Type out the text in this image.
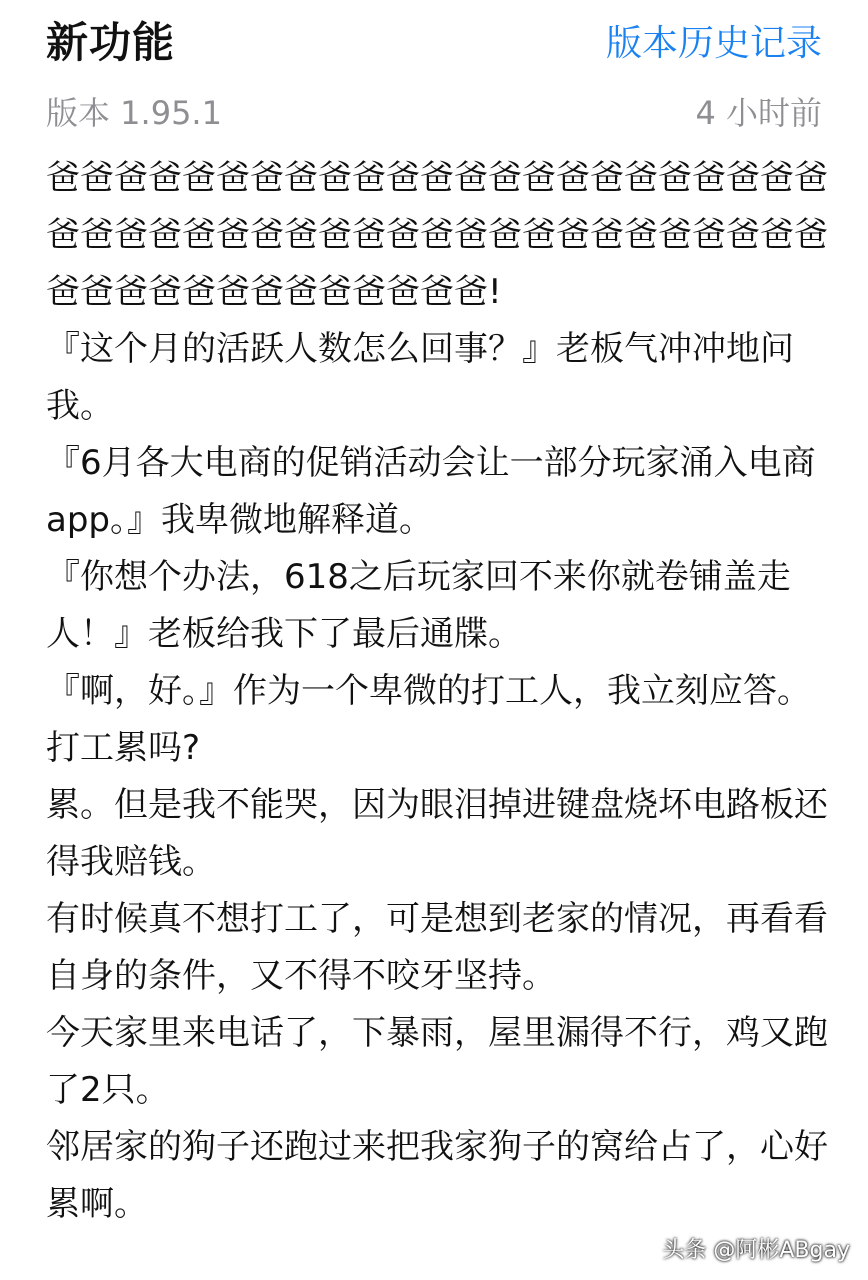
新功能	版本历史记录
版本 1.95.1	4 小时前

爸爸爸爸爸爸爸爸爸爸爸爸爸爸爸爸爸爸爸爸爸爸爸爸爸爸爸爸爸爸爸爸爸爸爸爸爸爸爸爸爸爸爸爸爸爸爸爸爸爸爸爸爸爸爸爸爸爸爸!

『这个月的活跃人数怎么回事？』老板气冲冲地问我。

『6月各大电商的促销活动会让一部分玩家涌入电商app。』我卑微地解释道。

『你想个办法，618之后玩家回不来你就卷铺盖走人！』老板给我下了最后通牒。

『啊，好。』作为一个卑微的打工人，我立刻应答。

打工累吗?

累。但是我不能哭，因为眼泪掉进键盘烧坏电路板还得我赔钱。

有时候真不想打工了，可是想到老家的情况，再看看自身的条件，又不得不咬牙坚持。

今天家里来电话了，下暴雨，屋里漏得不行，鸡又跑了2只。

邻居家的狗子还跑过来把我家狗子的窝给占了，心好累啊。

头条 @阿彬ABgay
